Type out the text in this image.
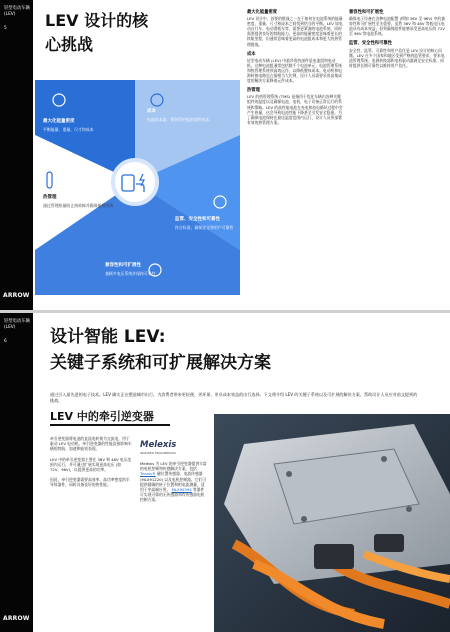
轻型电动车辆 (LEV)
5
ARROW
LEV 设计的核
心挑战
最大化能量密度
平衡能量、重量、尺寸和成本
成本
电池成本高，须获得更低的部件成本
热管理
通过管理热量防止热故障并确保使用寿命
监管、安全性和可靠性
符合标准，确保安全和用户可靠性
兼容性和可扩展性
兼顾多电压系统并保持可靠性
最大化能量密度

LEV 设计中，首要的挑战之一在于如何在电池系统的能量密度、重量、尺寸和成本之间找到恰当的平衡。LEV 如电动自行车、电动滑板车等，需要更紧凑的电池系统，同时需要提供良好的续航能力。更高的能量密度意味着更长的续航里程，但通常意味着更高的电池组成本和更大的热管理挑战。

成本

轻型电动车辆 (LEV) 中最昂贵的部件是电池组和电动机。这种电池组通常包括数千个电池单元，电池管理系统和热管理系统须高效运作，以降低整体成本。电动机和电源转换电路也占据相当大比例，设计人员需要采用高集成度的解决方案降低元件成本。

热管理

LEV 的热管理系统 (TMS) 是指用于优化车辆内各种关键组件的温度以及确保电池、电机、电子设备正常运行的系统和策略。LEV 的高性能电池在充电和放电循环过程中会产生热量，这会导致电池性能下降甚至引发安全隐患。为了确保电池保持在最佳温度范围内运行，设计人员须部署有效的热管理方案。

兼容性和可扩展性

确保电子设备在各种电池配置 (例如 36V 至 96V) 中的兼容性和可扩展性至关重要。虽然 36V 和 48V 等低电压电池具有成本效益，但须确保组件能够承受更高电压的 72V 至 96V 等电池系统。

监管、安全性和可靠性

安全性、监管、可靠性和用户信任是 LEV 设计的核心问题。LEV 在多个国家和地区受到严格的监管要求，要求电池管理系统、电源转换器和电机驱动器满足安全标准，同时提供长期可靠性以维持用户信任。

轻型电动车辆 (LEV)
6
ARROW
设计智能 LEV:
关键子系统和可扩展解决方案
通过引入最先进的电子技术，LEV 确实正在塑造城市出行，为消费者带来更轻便、更环保、更具成本效益的出行选择。下文将介绍 LEV 的关键子系统以及可扩展的解决方案，帮助设计人员应对前文提到的挑战。
LEV 中的牵引逆变器

牵引逆变器将电池的直流电转换为交流电，用于驱动 LEV 电动机。牵引逆变器的性能直接影响车辆的续航、加速和能效表现。

LEV 中的牵引逆变器主要在 36V 和 48V 电压范围内运行，并可通过扩展实现更高电压 (如 72V、96V)，以提供更高的功率。

因此，牵引逆变器需要高效率、高功率密度的半导体器件，同时具备良好的热性能。

Melexis
INSPIRED ENGINEERING
Melexis 为 LEV 的牵引逆变器提供丰富的电机控制和传感解决方案，包括 Triaxis® 磁位置传感器、电流传感器 (MLX91220) 以及电机控制器。它们可提供精确的转子位置和相电流测量，适用于中高端应用。 MLX90394 等器件可实现可靠的无传感器和有传感器电机控制方案。
